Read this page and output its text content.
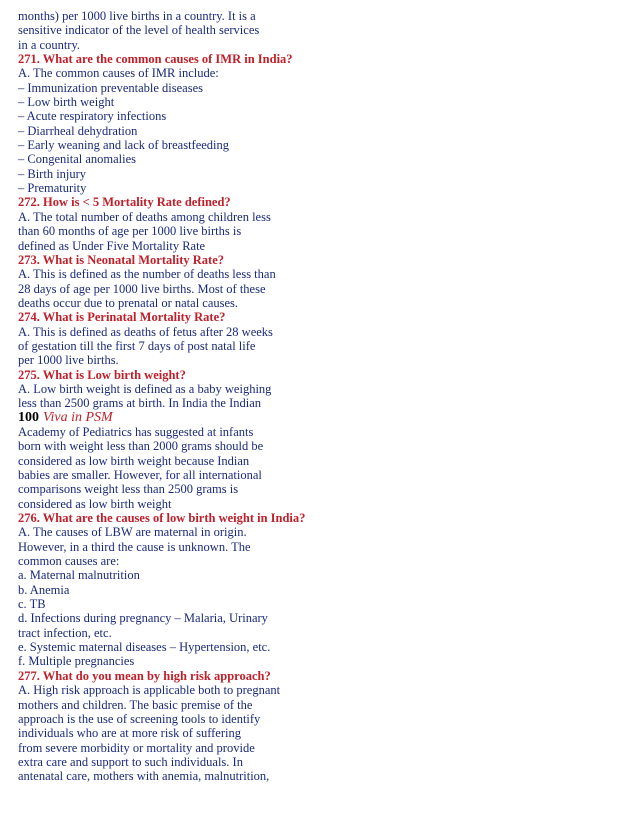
months) per 1000 live births in a country. It is a
sensitive indicator of the level of health services
in a country.
271. What are the common causes of IMR in India?
A. The common causes of IMR include:
– Immunization preventable diseases
– Low birth weight
– Acute respiratory infections
– Diarrheal dehydration
– Early weaning and lack of breastfeeding
– Congenital anomalies
– Birth injury
– Prematurity
272. How is < 5 Mortality Rate defined?
A. The total number of deaths among children less
than 60 months of age per 1000 live births is
defined as Under Five Mortality Rate
273. What is Neonatal Mortality Rate?
A. This is defined as the number of deaths less than
28 days of age per 1000 live births. Most of these
deaths occur due to prenatal or natal causes.
274. What is Perinatal Mortality Rate?
A. This is defined as deaths of fetus after 28 weeks
of gestation till the first 7 days of post natal life
per 1000 live births.
275. What is Low birth weight?
A. Low birth weight is defined as a baby weighing
less than 2500 grams at birth. In India the Indian
100 Viva in PSM
Academy of Pediatrics has suggested at infants
born with weight less than 2000 grams should be
considered as low birth weight because Indian
babies are smaller. However, for all international
comparisons weight less than 2500 grams is
considered as low birth weight
276. What are the causes of low birth weight in India?
A. The causes of LBW are maternal in origin.
However, in a third the cause is unknown. The
common causes are:
a. Maternal malnutrition
b. Anemia
c. TB
d. Infections during pregnancy – Malaria, Urinary
tract infection, etc.
e. Systemic maternal diseases – Hypertension, etc.
f. Multiple pregnancies
277. What do you mean by high risk approach?
A. High risk approach is applicable both to pregnant
mothers and children. The basic premise of the
approach is the use of screening tools to identify
individuals who are at more risk of suffering
from severe morbidity or mortality and provide
extra care and support to such individuals. In
antenatal care, mothers with anemia, malnutrition,
